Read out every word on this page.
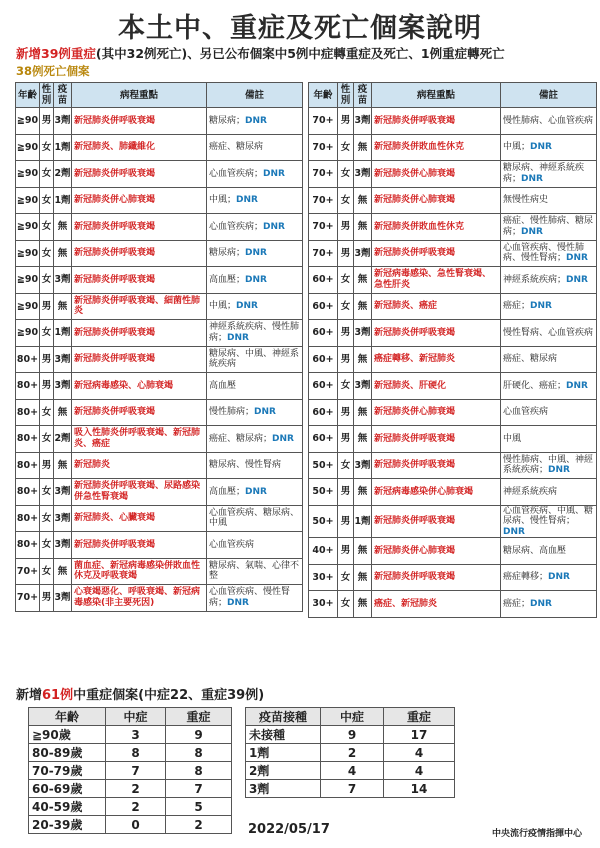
本土中、重症及死亡個案說明
新增39例重症(其中32例死亡)、另已公布個案中5例中症轉重症及死亡、1例重症轉死亡
38例死亡個案
年齡	性別	疫苗	病程重點	備註
≧90	男	3劑	新冠肺炎併呼吸衰竭	糖尿病；DNR
≧90	女	1劑	新冠肺炎、肺纖維化	癌症、糖尿病
≧90	女	2劑	新冠肺炎併呼吸衰竭	心血管疾病；DNR
≧90	女	1劑	新冠肺炎併心肺衰竭	中風；DNR
≧90	女	無	新冠肺炎併呼吸衰竭	心血管疾病；DNR
≧90	女	無	新冠肺炎併呼吸衰竭	糖尿病；DNR
≧90	女	3劑	新冠肺炎併呼吸衰竭	高血壓；DNR
≧90	男	無	新冠肺炎併呼吸衰竭、細菌性肺炎	中風；DNR
≧90	女	1劑	新冠肺炎併呼吸衰竭	神經系統疾病、慢性肺病；DNR
80+	男	3劑	新冠肺炎併呼吸衰竭	糖尿病、中風、神經系統疾病
80+	男	3劑	新冠病毒感染、心肺衰竭	高血壓
80+	女	無	新冠肺炎併呼吸衰竭	慢性肺病；DNR
80+	女	2劑	吸入性肺炎併呼吸衰竭、新冠肺炎、癌症	癌症、糖尿病；DNR
80+	男	無	新冠肺炎	糖尿病、慢性腎病
80+	女	3劑	新冠肺炎併呼吸衰竭、尿路感染併急性腎衰竭	高血壓；DNR
80+	女	3劑	新冠肺炎、心臟衰竭	心血管疾病、糖尿病、中風
80+	女	3劑	新冠肺炎併呼吸衰竭	心血管疾病
70+	女	無	菌血症、新冠病毒感染併敗血性休克及呼吸衰竭	糖尿病、氣喘、心律不整
70+	男	3劑	心衰竭惡化、呼吸衰竭、新冠病毒感染(非主要死因)	心血管疾病、慢性腎病；DNR
年齡	性別	疫苗	病程重點	備註
70+	男	3劑	新冠肺炎併呼吸衰竭	慢性肺病、心血管疾病
70+	女	無	新冠肺炎併敗血性休克	中風；DNR
70+	女	3劑	新冠肺炎併心肺衰竭	糖尿病、神經系統疾病；DNR
70+	女	無	新冠肺炎併心肺衰竭	無慢性病史
70+	男	無	新冠肺炎併敗血性休克	癌症、慢性肺病、糖尿病；DNR
70+	男	3劑	新冠肺炎併呼吸衰竭	心血管疾病、慢性肺病、慢性腎病；DNR
60+	女	無	新冠病毒感染、急性腎衰竭、急性肝炎	神經系統疾病；DNR
60+	女	無	新冠肺炎、癌症	癌症；DNR
60+	男	3劑	新冠肺炎併呼吸衰竭	慢性腎病、心血管疾病
60+	男	無	癌症轉移、新冠肺炎	癌症、糖尿病
60+	女	3劑	新冠肺炎、肝硬化	肝硬化、癌症；DNR
60+	男	無	新冠肺炎併心肺衰竭	心血管疾病
60+	男	無	新冠肺炎併呼吸衰竭	中風
50+	女	3劑	新冠肺炎併呼吸衰竭	慢性肺病、中風、神經系統疾病；DNR
50+	男	無	新冠病毒感染併心肺衰竭	神經系統疾病
50+	男	1劑	新冠肺炎併呼吸衰竭	心血管疾病、中風、糖尿病、慢性腎病；DNR
40+	男	無	新冠肺炎併心肺衰竭	糖尿病、高血壓
30+	女	無	新冠肺炎併呼吸衰竭	癌症轉移；DNR
30+	女	無	癌症、新冠肺炎	癌症；DNR
新增61例中重症個案(中症22、重症39例)
年齡	中症	重症
≧90歲	3	9
80-89歲	8	8
70-79歲	7	8
60-69歲	2	7
40-59歲	2	5
20-39歲	0	2
疫苗接種	中症	重症
未接種	9	17
1劑	2	4
2劑	4	4
3劑	7	14
2022/05/17	中央流行疫情指揮中心
